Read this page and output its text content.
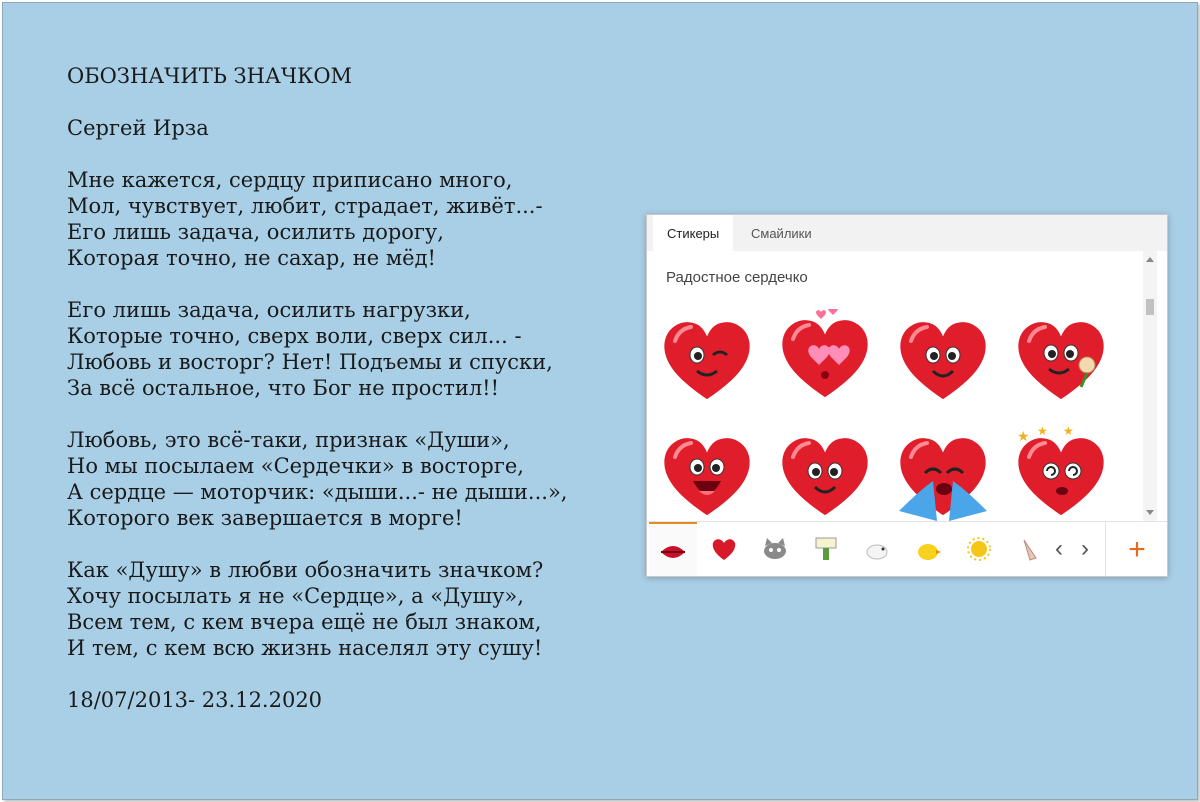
ОБОЗНАЧИТЬ ЗНАЧКОМ
Сергей Ирза
Мне кажется, сердцу приписано много,
Мол, чувствует, любит, страдает, живёт...-
Его лишь задача, осилить дорогу,
Которая точно, не сахар, не мёд!
Его лишь задача, осилить нагрузки,
Которые точно, сверх воли, сверх сил... -
Любовь и восторг? Нет! Подъемы и спуски,
За всё остальное, что Бог не простил!!
Любовь, это всё-таки, признак «Души»,
Но мы посылаем «Сердечки» в восторге,
А сердце — моторчик: «дыши...- не дыши...»,
Которого век завершается в морге!
Как «Душу» в любви обозначить значком?
Хочу посылать я не «Сердце», а «Душу»,
Всем тем, с кем вчера ещё не был знаком,
И тем, с кем всю жизнь населял эту сушу!
18/07/2013- 23.12.2020
Стикеры	Смайлики
Радостное сердечко
★ ★ ★
‹ ›	+
